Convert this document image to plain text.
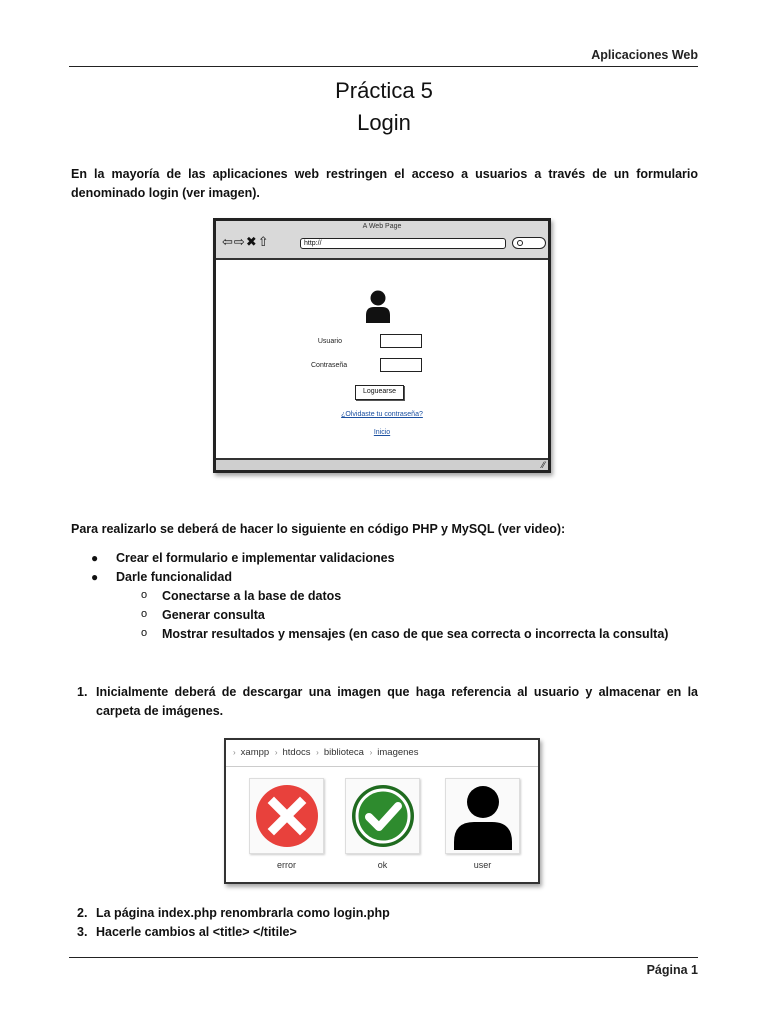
Aplicaciones Web
Práctica 5
Login
En la mayoría de las aplicaciones web restringen el acceso a usuarios a través de un formulario denominado login (ver imagen).
A Web Page
⇦⇨✖⇧	http://
Usuario
Contraseña
Loguearse
¿Olvidaste tu contraseña?
Inicio
⁄⁄
Para realizarlo se deberá de hacer lo siguiente en código PHP y MySQL (ver video):
● Crear el formulario e implementar validaciones
● Darle funcionalidad
o Conectarse a la base de datos
o Generar consulta
o Mostrar resultados y mensajes (en caso de que sea correcta o incorrecta la consulta)
1. Inicialmente deberá de descargar una imagen que haga referencia al usuario y almacenar en la carpeta de imágenes.
› xampp › htdocs › biblioteca › imagenes
error	ok	user
2. La página index.php renombrarla como login.php
3. Hacerle cambios al <title> </titile>
Página 1
